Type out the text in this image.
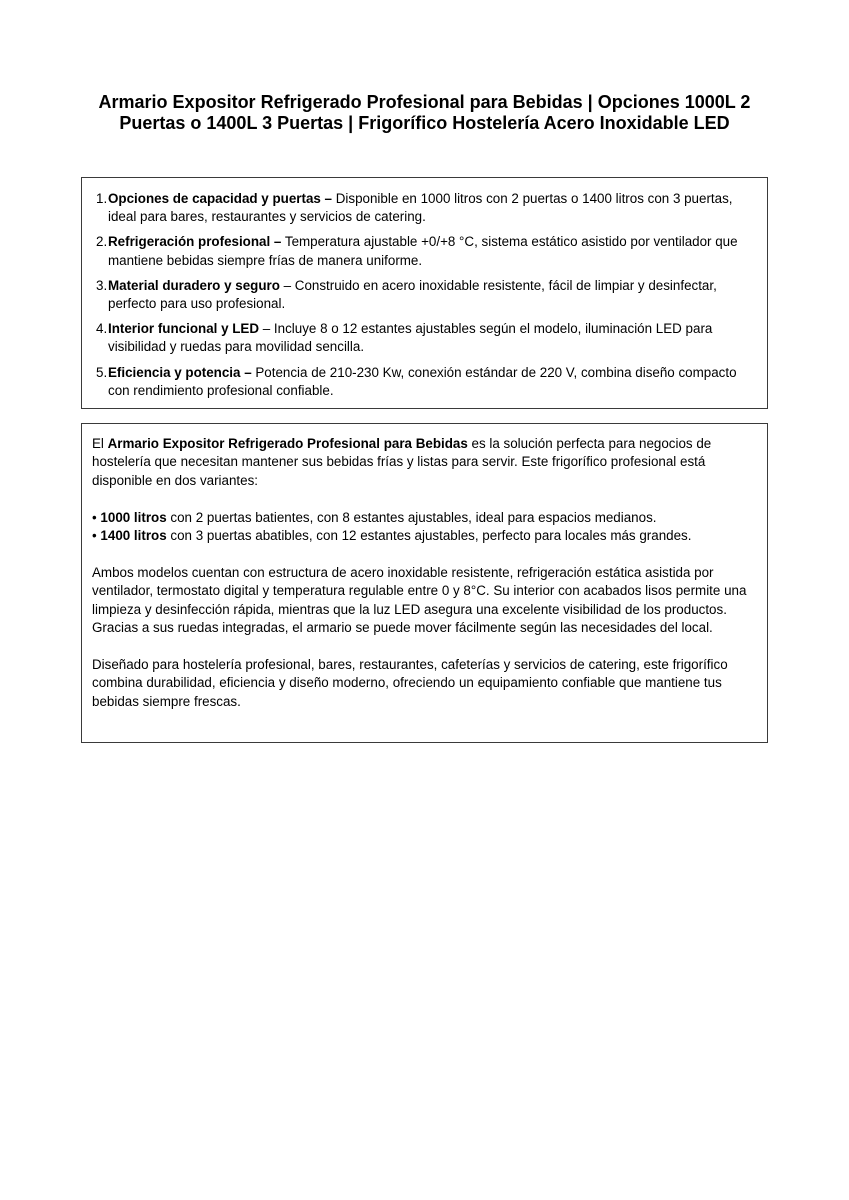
Armario Expositor Refrigerado Profesional para Bebidas | Opciones 1000L 2 Puertas o 1400L 3 Puertas | Frigorífico Hostelería Acero Inoxidable LED
1. Opciones de capacidad y puertas – Disponible en 1000 litros con 2 puertas o 1400 litros con 3 puertas, ideal para bares, restaurantes y servicios de catering.
2. Refrigeración profesional – Temperatura ajustable +0/+8 °C, sistema estático asistido por ventilador que mantiene bebidas siempre frías de manera uniforme.
3. Material duradero y seguro – Construido en acero inoxidable resistente, fácil de limpiar y desinfectar, perfecto para uso profesional.
4. Interior funcional y LED – Incluye 8 o 12 estantes ajustables según el modelo, iluminación LED para visibilidad y ruedas para movilidad sencilla.
5. Eficiencia y potencia – Potencia de 210-230 Kw, conexión estándar de 220 V, combina diseño compacto con rendimiento profesional confiable.

El Armario Expositor Refrigerado Profesional para Bebidas es la solución perfecta para negocios de hostelería que necesitan mantener sus bebidas frías y listas para servir. Este frigorífico profesional está disponible en dos variantes:

• 1000 litros con 2 puertas batientes, con 8 estantes ajustables, ideal para espacios medianos.

• 1400 litros con 3 puertas abatibles, con 12 estantes ajustables, perfecto para locales más grandes.

Ambos modelos cuentan con estructura de acero inoxidable resistente, refrigeración estática asistida por ventilador, termostato digital y temperatura regulable entre 0 y 8°C. Su interior con acabados lisos permite una limpieza y desinfección rápida, mientras que la luz LED asegura una excelente visibilidad de los productos. Gracias a sus ruedas integradas, el armario se puede mover fácilmente según las necesidades del local.

Diseñado para hostelería profesional, bares, restaurantes, cafeterías y servicios de catering, este frigorífico combina durabilidad, eficiencia y diseño moderno, ofreciendo un equipamiento confiable que mantiene tus bebidas siempre frescas.
